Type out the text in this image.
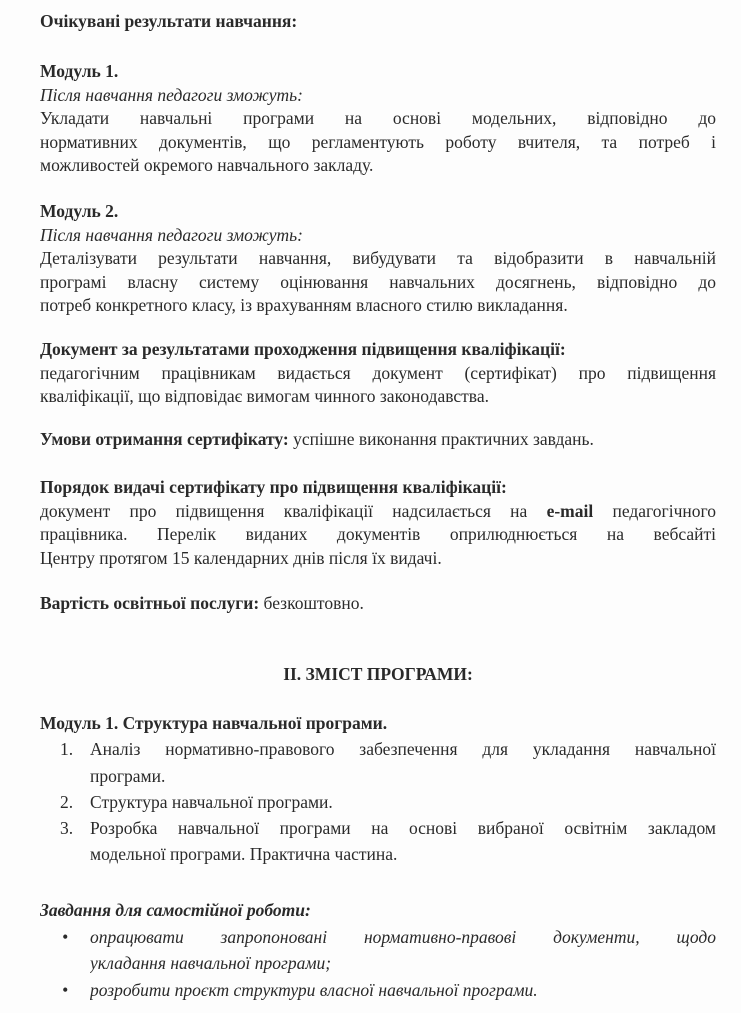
Очікувані результати навчання:
Модуль 1.
Після навчання педагоги зможуть:
Укладати навчальні програми на основі модельних, відповідно до
нормативних документів, що регламентують роботу вчителя, та потреб і
можливостей окремого навчального закладу.
Модуль 2.
Після навчання педагоги зможуть:
Деталізувати результати навчання, вибудувати та відобразити в навчальній
програмі власну систему оцінювання навчальних досягнень, відповідно до
потреб конкретного класу, із врахуванням власного стилю викладання.
Документ за результатами проходження підвищення кваліфікації:
педагогічним працівникам видається документ (сертифікат) про підвищення
кваліфікації, що відповідає вимогам чинного законодавства.
Умови отримання сертифікату: успішне виконання практичних завдань.
Порядок видачі сертифікату про підвищення кваліфікації:
документ про підвищення кваліфікації надсилається на e-mail педагогічного
працівника. Перелік виданих документів оприлюднюється на вебсайті
Центру протягом 15 календарних днів після їх видачі.
Вартість освітньої послуги: безкоштовно.
ІІ. ЗМІСТ ПРОГРАМИ:
Модуль 1. Структура навчальної програми.
1. Аналіз нормативно-правового забезпечення для укладання навчальної
програми.
2. Структура навчальної програми.
3. Розробка навчальної програми на основі вибраної освітнім закладом
модельної програми. Практична частина.
Завдання для самостійної роботи:
• опрацювати запропоновані нормативно-правові документи, щодо
укладання навчальної програми;
• розробити проєкт структури власної навчальної програми.
